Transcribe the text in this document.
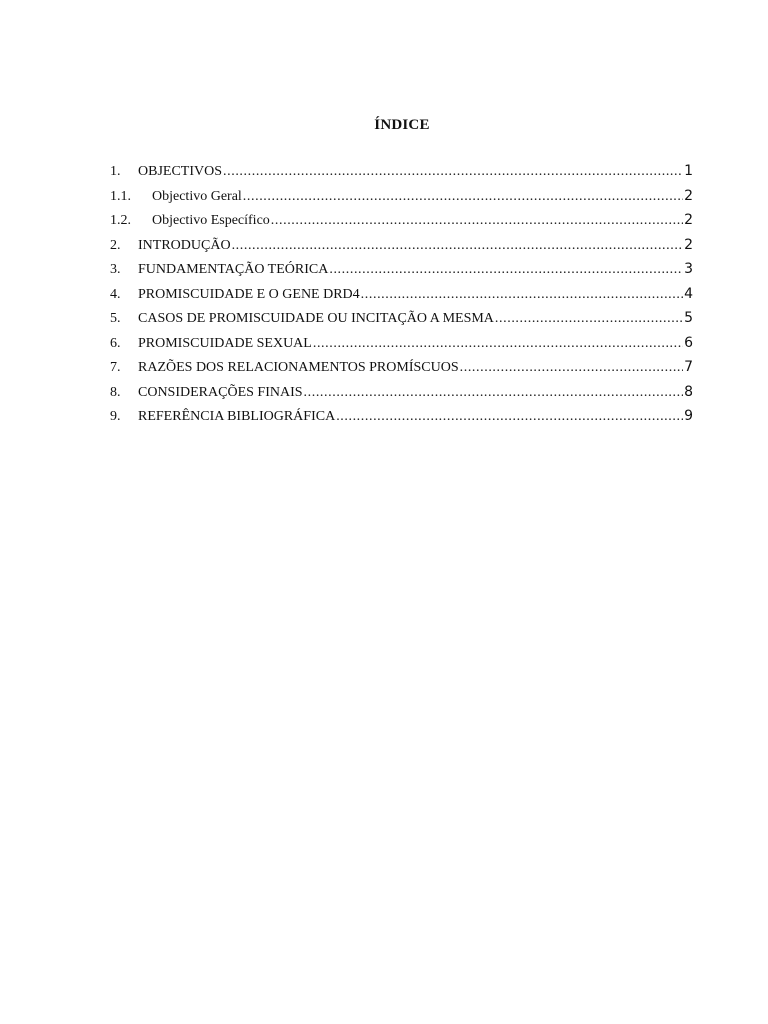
ÍNDICE
1.	OBJECTIVOS .....	1
1.1.	Objectivo Geral .....	2
1.2.	Objectivo Específico .....	2
2.	INTRODUÇÃO .....	2
3.	FUNDAMENTAÇÃO TEÓRICA .....	3
4.	PROMISCUIDADE E O GENE DRD4 .....	4
5.	CASOS DE PROMISCUIDADE OU INCITAÇÃO A MESMA .....	5
6.	PROMISCUIDADE SEXUAL .....	6
7.	RAZÕES DOS RELACIONAMENTOS PROMÍSCUOS .....	7
8.	CONSIDERAÇÕES FINAIS .....	8
9.	REFERÊNCIA BIBLIOGRÁFICA .....	9
